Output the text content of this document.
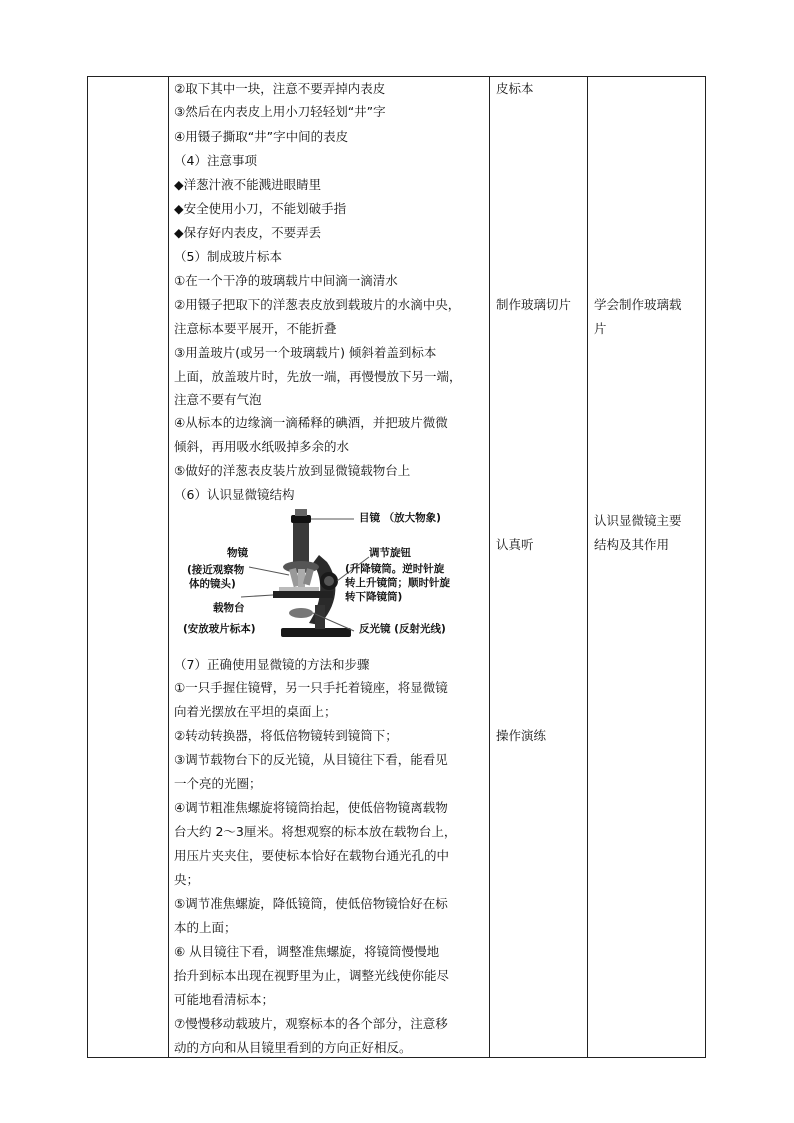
②取下其中一块，注意不要弄掉内表皮
③然后在内表皮上用小刀轻轻划“井”字
④用镊子撕取“井”字中间的表皮
（4）注意事项
◆洋葱汁液不能溅进眼睛里
◆安全使用小刀，不能划破手指
◆保存好内表皮，不要弄丢
（5）制成玻片标本
①在一个干净的玻璃载片中间滴一滴清水
②用镊子把取下的洋葱表皮放到载玻片的水滴中央，
注意标本要平展开，不能折叠
③用盖玻片(或另一个玻璃载片) 倾斜着盖到标本
上面，放盖玻片时，先放一端，再慢慢放下另一端，
注意不要有气泡
④从标本的边缘滴一滴稀释的碘酒，并把玻片微微
倾斜，再用吸水纸吸掉多余的水
⑤做好的洋葱表皮装片放到显微镜载物台上
（6）认识显微镜结构
目镜 （放大物象)
物镜
(接近观察物
体的镜头)
调节旋钮
(升降镜筒。逆时针旋
转上升镜筒；顺时针旋
转下降镜筒)
载物台
(安放玻片标本)	反光镜 (反射光线)
（7）正确使用显微镜的方法和步骤
①一只手握住镜臂，另一只手托着镜座，将显微镜
向着光摆放在平坦的桌面上；
②转动转换器，将低倍物镜转到镜筒下；
③调节载物台下的反光镜，从目镜往下看，能看见
一个亮的光圈；
④调节粗准焦螺旋将镜筒抬起，使低倍物镜离载物
台大约 2～3厘米。将想观察的标本放在载物台上，
用压片夹夹住，要使标本恰好在载物台通光孔的中
央；
⑤调节准焦螺旋，降低镜筒，使低倍物镜恰好在标
本的上面；
⑥ 从目镜往下看，调整准焦螺旋，将镜筒慢慢地
抬升到标本出现在视野里为止，调整光线使你能尽
可能地看清标本；
⑦慢慢移动载玻片，观察标本的各个部分，注意移
动的方向和从目镜里看到的方向正好相反。
皮标本
制作玻璃切片
认真听
操作演练
学会制作玻璃载
片
认识显微镜主要
结构及其作用
